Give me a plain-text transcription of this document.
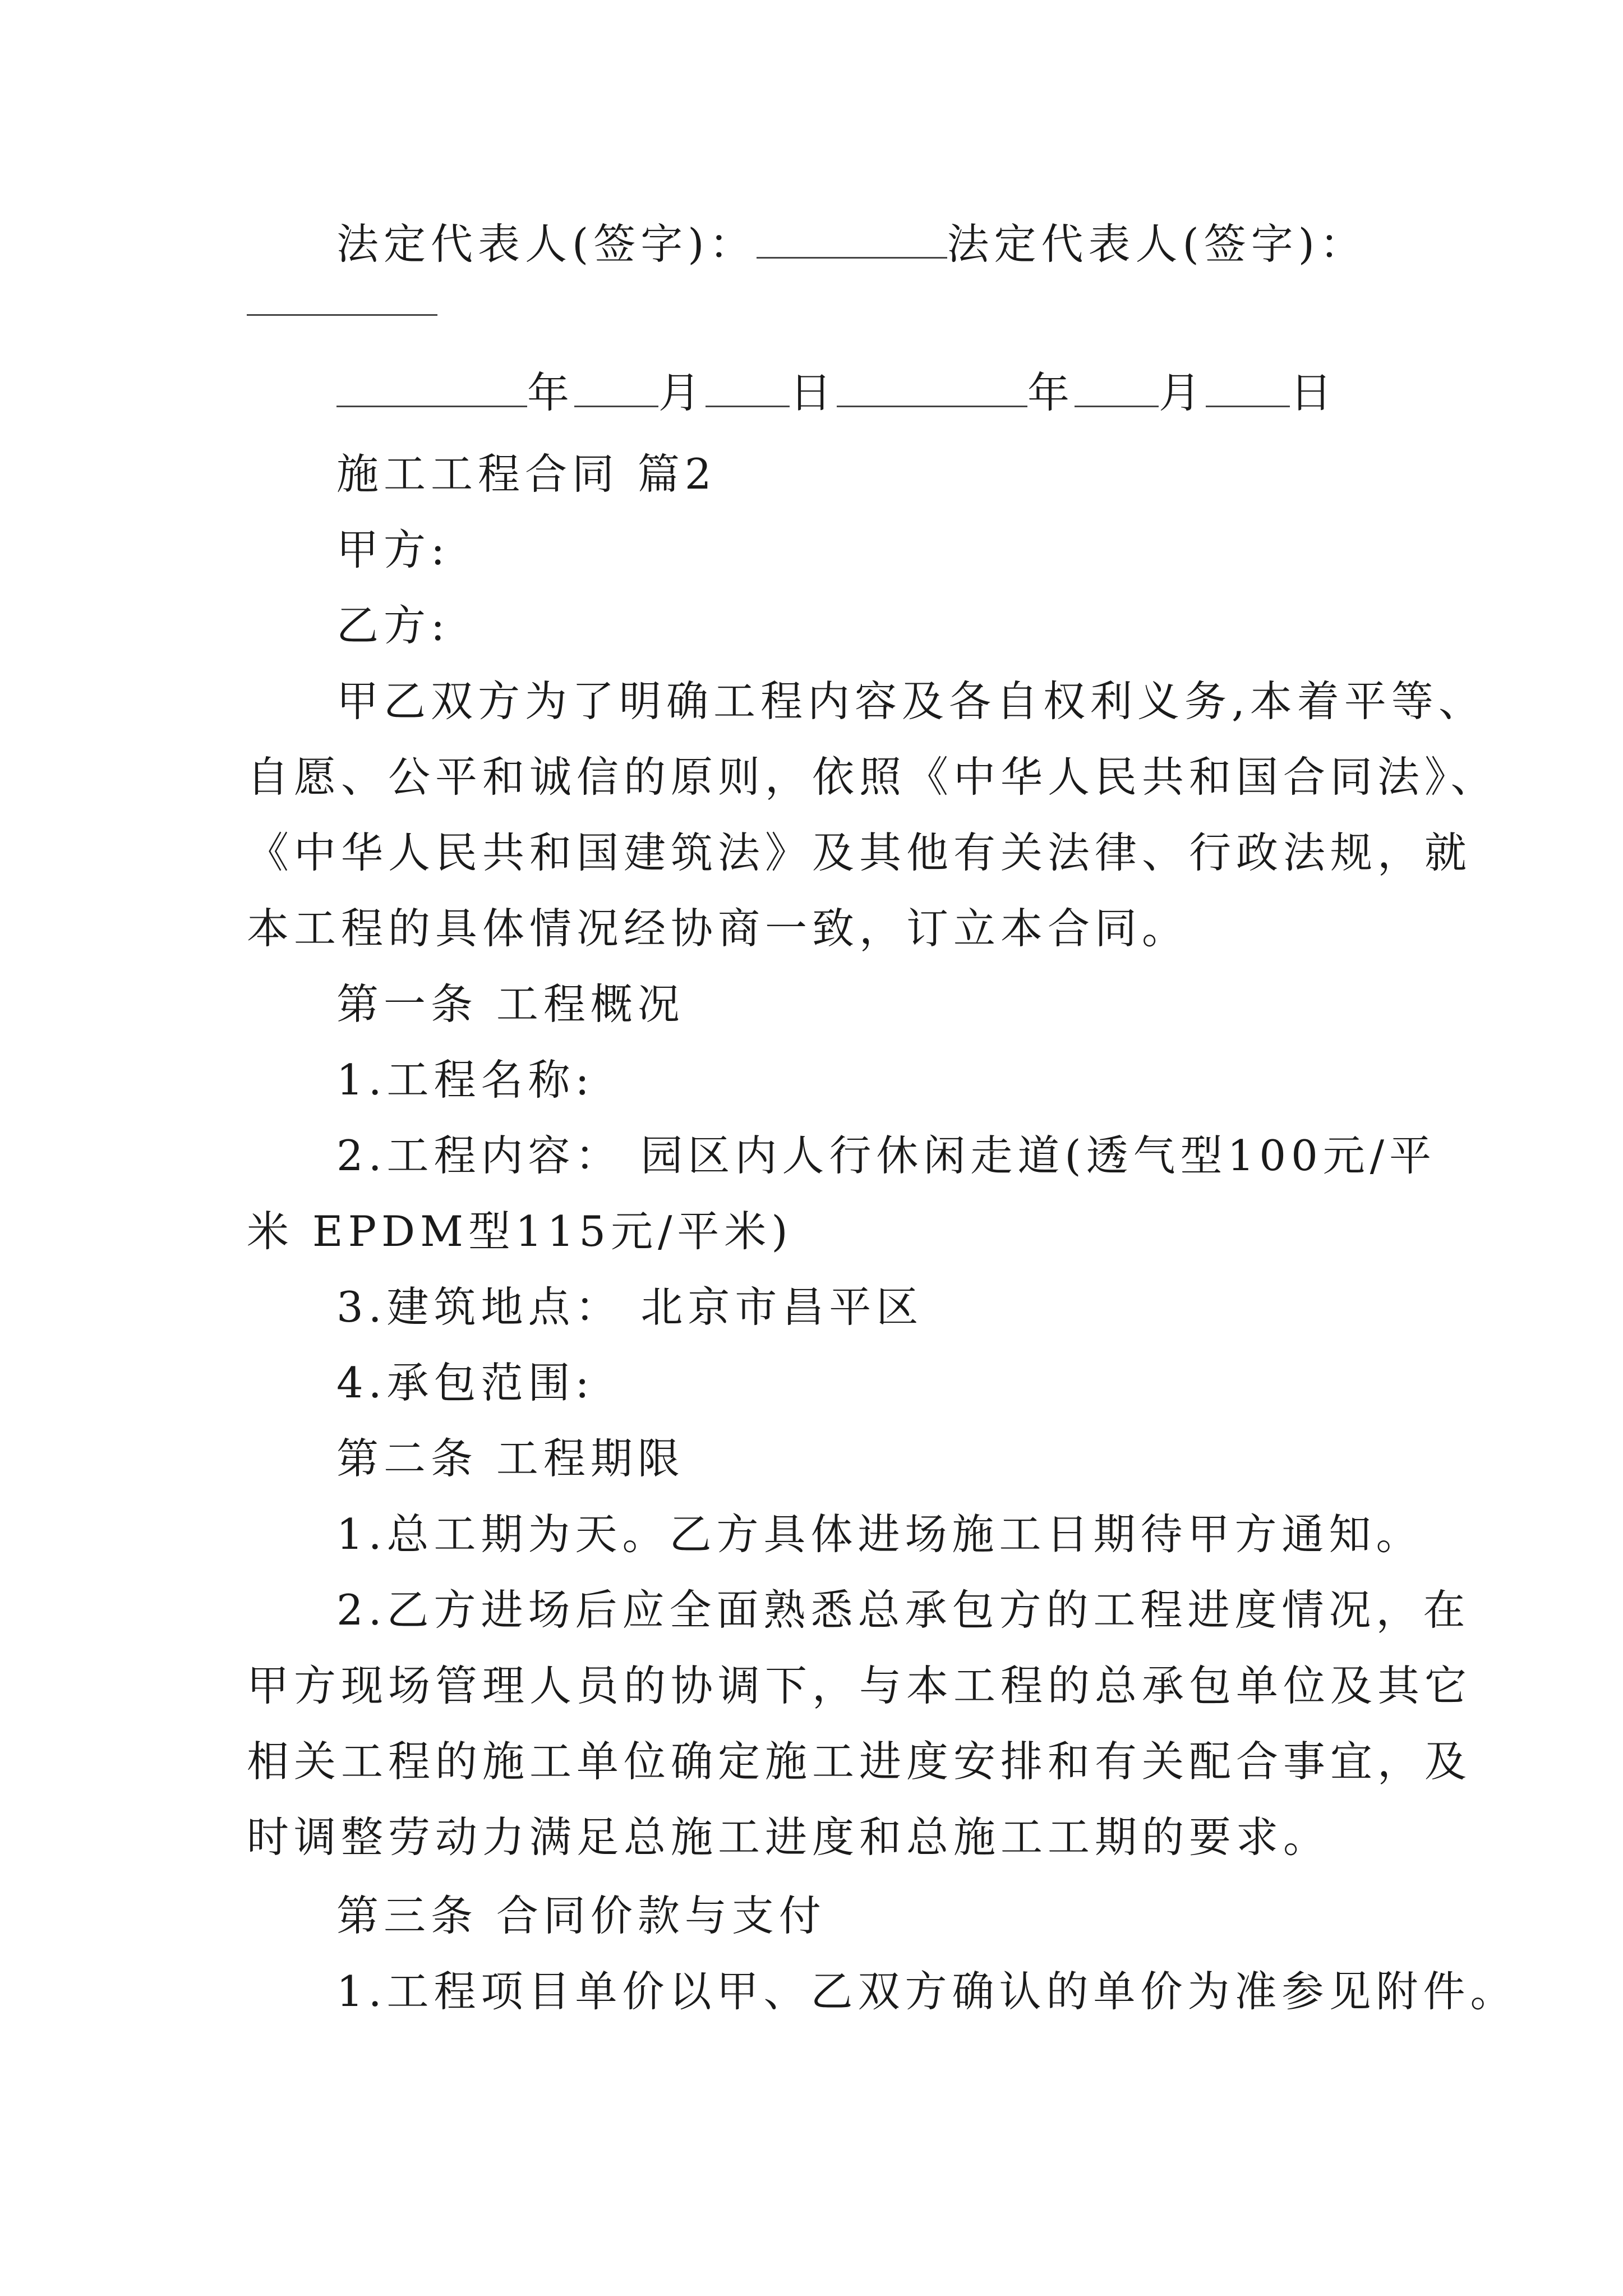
法定代表人(签字)：	法定代表人(签字)：
年 月 日	年 月 日
施工工程合同 篇2
甲方:
乙方:
甲乙双方为了明确工程内容及各自权利义务,本着平等、
自愿、公平和诚信的原则，依照《中华人民共和国合同法》、
《中华人民共和国建筑法》及其他有关法律、行政法规，就
本工程的具体情况经协商一致，订立本合同。
第一条 工程概况
1.工程名称:
2.工程内容： 园区内人行休闲走道(透气型100元/平
米 EPDM型115元/平米)
3.建筑地点： 北京市昌平区
4.承包范围:
第二条 工程期限
1.总工期为天。乙方具体进场施工日期待甲方通知。
2.乙方进场后应全面熟悉总承包方的工程进度情况，在
甲方现场管理人员的协调下，与本工程的总承包单位及其它
相关工程的施工单位确定施工进度安排和有关配合事宜，及
时调整劳动力满足总施工进度和总施工工期的要求。
第三条 合同价款与支付
1.工程项目单价以甲、乙双方确认的单价为准参见附件。
